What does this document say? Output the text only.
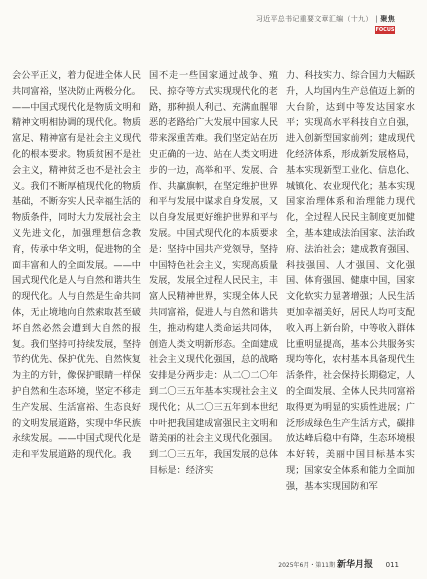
习近平总书记重要文章汇编（十九） | 聚焦
FOCUS

会公平正义，着力促进全体人民共同富裕，坚决防止两极分化。——中国式现代化是物质文明和精神文明相协调的现代化。物质富足、精神富有是社会主义现代化的根本要求。物质贫困不是社会主义，精神贫乏也不是社会主义。我们不断厚植现代化的物质基础，不断夯实人民幸福生活的物质条件，同时大力发展社会主义先进文化，加强理想信念教育，传承中华文明，促进物的全面丰富和人的全面发展。——中国式现代化是人与自然和谐共生的现代化。人与自然是生命共同体，无止境地向自然索取甚至破坏自然必然会遭到大自然的报复。我们坚持可持续发展，坚持节约优先、保护优先、自然恢复为主的方针，像保护眼睛一样保护自然和生态环境，坚定不移走生产发展、生活富裕、生态良好的文明发展道路，实现中华民族永续发展。——中国式现代化是走和平发展道路的现代化。我

国不走一些国家通过战争、殖民、掠夺等方式实现现代化的老路，那种损人利己、充满血腥罪恶的老路给广大发展中国家人民带来深重苦难。我们坚定站在历史正确的一边、站在人类文明进步的一边，高举和平、发展、合作、共赢旗帜，在坚定维护世界和平与发展中谋求自身发展，又以自身发展更好维护世界和平与发展。中国式现代化的本质要求是：坚持中国共产党领导，坚持中国特色社会主义，实现高质量发展，发展全过程人民民主，丰富人民精神世界，实现全体人民共同富裕，促进人与自然和谐共生，推动构建人类命运共同体，创造人类文明新形态。全面建成社会主义现代化强国，总的战略安排是分两步走：从二〇二〇年到二〇三五年基本实现社会主义现代化；从二〇三五年到本世纪中叶把我国建成富强民主文明和谐美丽的社会主义现代化强国。到二〇三五年，我国发展的总体目标是：经济实

力、科技实力、综合国力大幅跃升，人均国内生产总值迈上新的大台阶，达到中等发达国家水平；实现高水平科技自立自强，进入创新型国家前列；建成现代化经济体系，形成新发展格局，基本实现新型工业化、信息化、城镇化、农业现代化；基本实现国家治理体系和治理能力现代化，全过程人民民主制度更加健全，基本建成法治国家、法治政府、法治社会；建成教育强国、科技强国、人才强国、文化强国、体育强国、健康中国，国家文化软实力显著增强；人民生活更加幸福美好，居民人均可支配收入再上新台阶，中等收入群体比重明显提高，基本公共服务实现均等化，农村基本具备现代生活条件，社会保持长期稳定，人的全面发展、全体人民共同富裕取得更为明显的实质性进展；广泛形成绿色生产生活方式，碳排放达峰后稳中有降，生态环境根本好转，美丽中国目标基本实现；国家安全体系和能力全面加强，基本实现国防和军

2025年6月・第11期 新华月报 011
